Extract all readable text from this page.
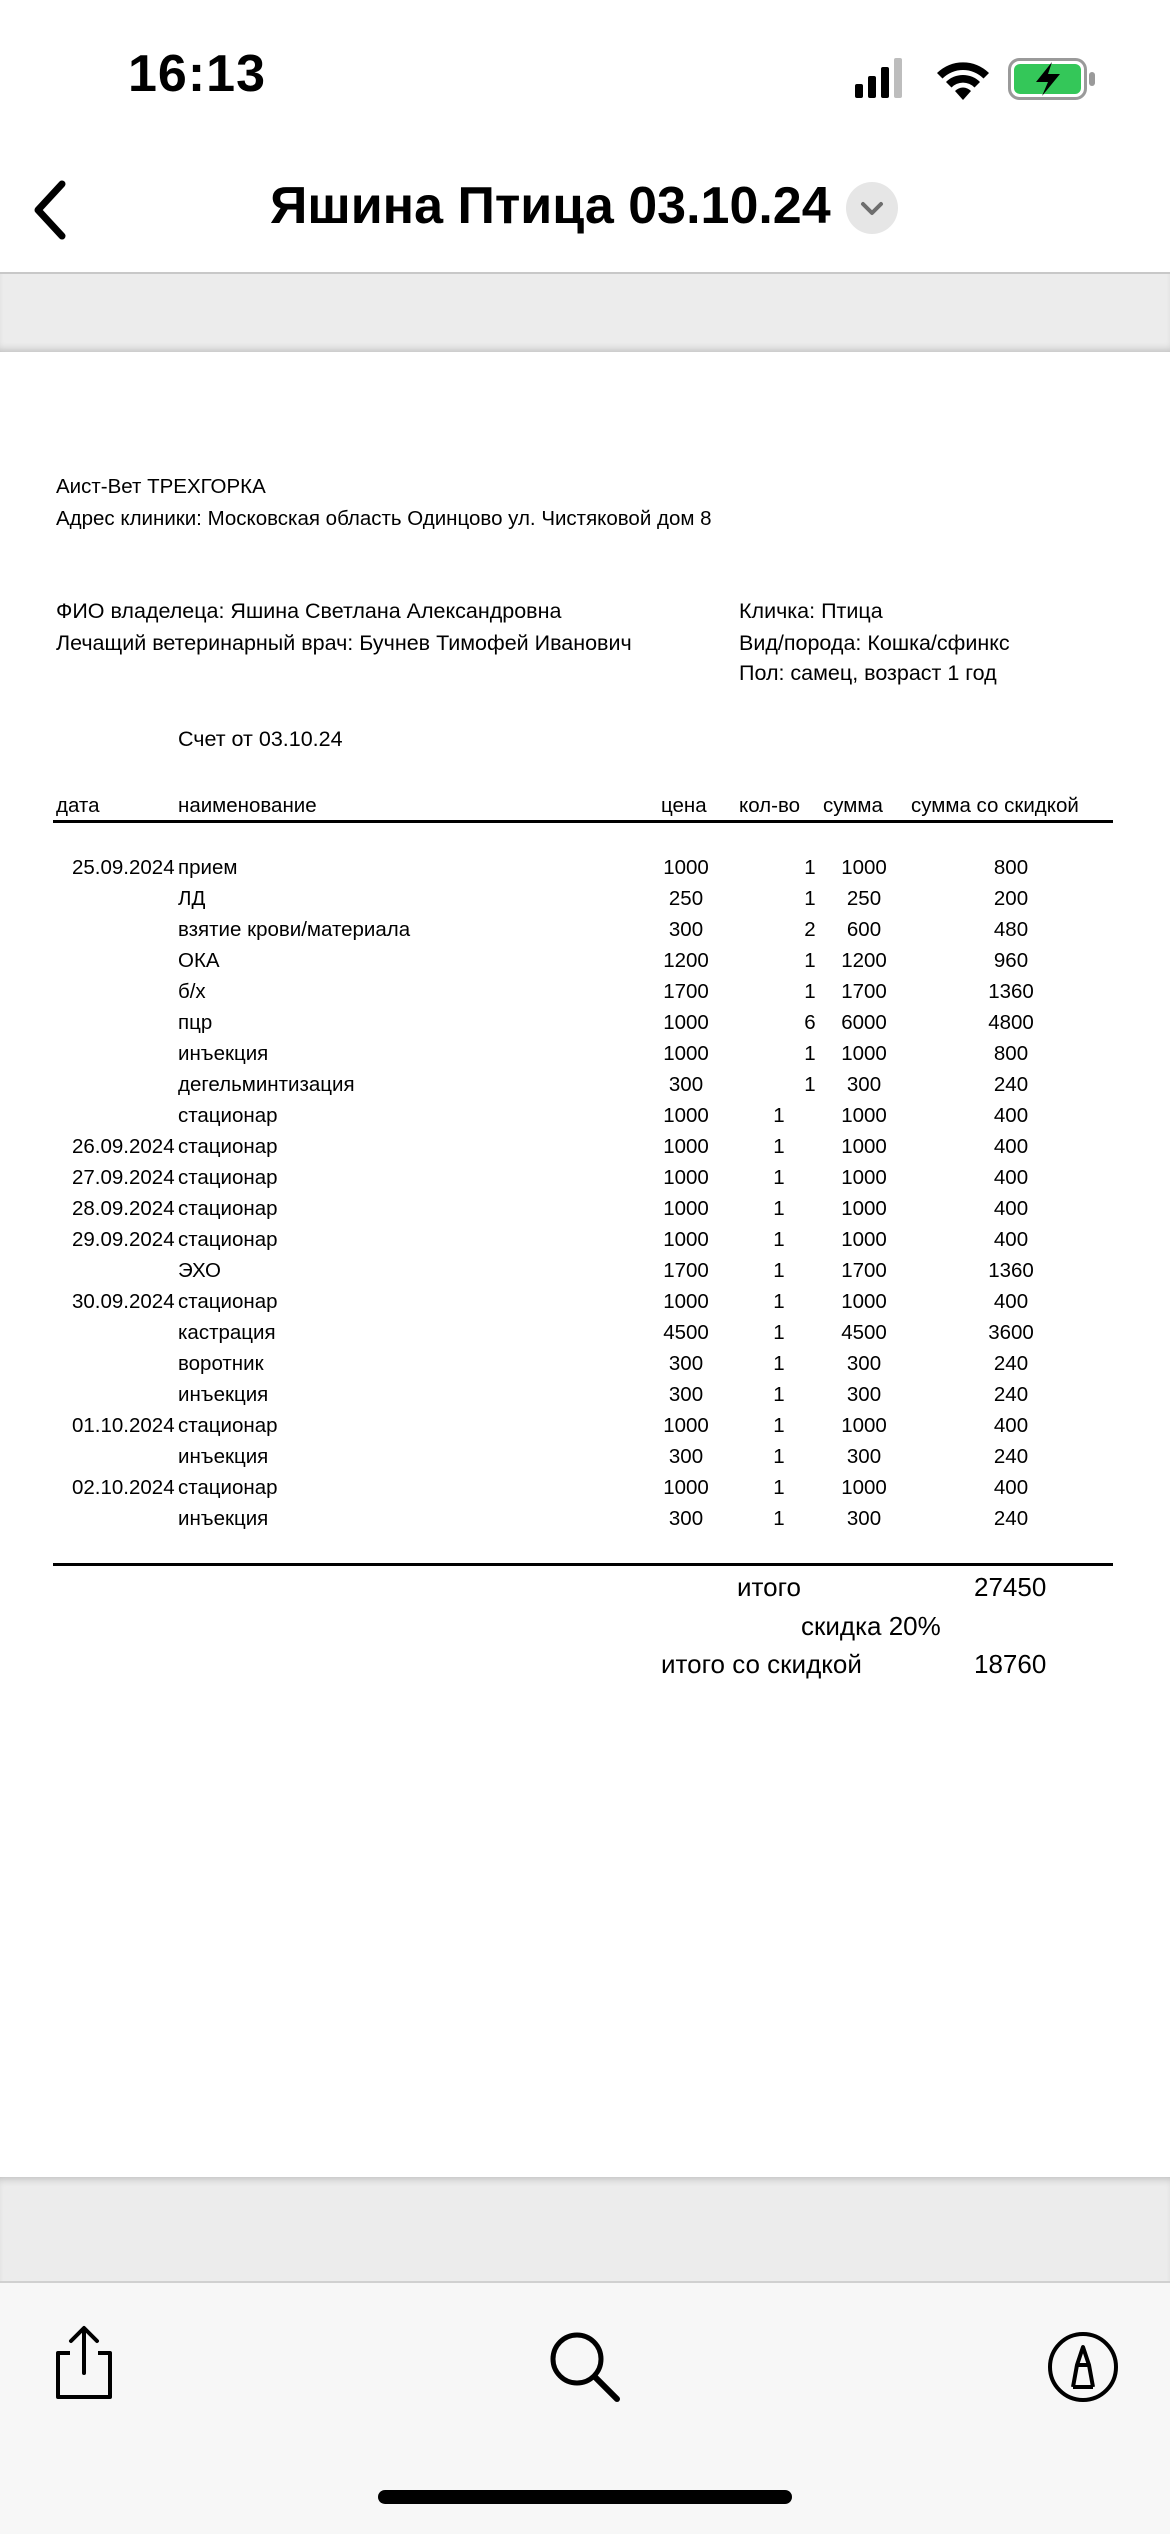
16:13
Яшина Птица 03.10.24
Аист-Вет ТРЕХГОРКА
Адрес клиники: Московская область Одинцово ул. Чистяковой дом 8
ФИО владелеца: Яшина Светлана Александровна
Лечащий ветеринарный врач: Бучнев Тимофей Иванович
Кличка: Птица
Вид/порода: Кошка/сфинкс
Пол: самец, возраст 1 год
Счет от 03.10.24
дата	наименование	цена кол-во сумма сумма со скидкой
25.09.2024 прием	1000	1 1000	800
ЛД	250	1 250	200
взятие крови/материала	300	2 600	480
ОКА	1200	1 1200	960
б/х	1700	1 1700	1360
пцр	1000	6 6000	4800
инъекция	1000	1 1000	800
дегельминтизация	300	1 300	240
стационар	1000	1	1000	400
26.09.2024 стационар	1000	1	1000	400
27.09.2024 стационар	1000	1	1000	400
28.09.2024 стационар	1000	1	1000	400
29.09.2024 стационар	1000	1	1000	400
ЭХО	1700	1	1700	1360
30.09.2024 стационар	1000	1	1000	400
кастрация	4500	1	4500	3600
воротник	300	1	300	240
инъекция	300	1	300	240
01.10.2024 стационар	1000	1	1000	400
инъекция	300	1	300	240
02.10.2024 стационар	1000	1	1000	400
инъекция	300	1	300	240
итого	27450
скидка 20%
итого со скидкой	18760
